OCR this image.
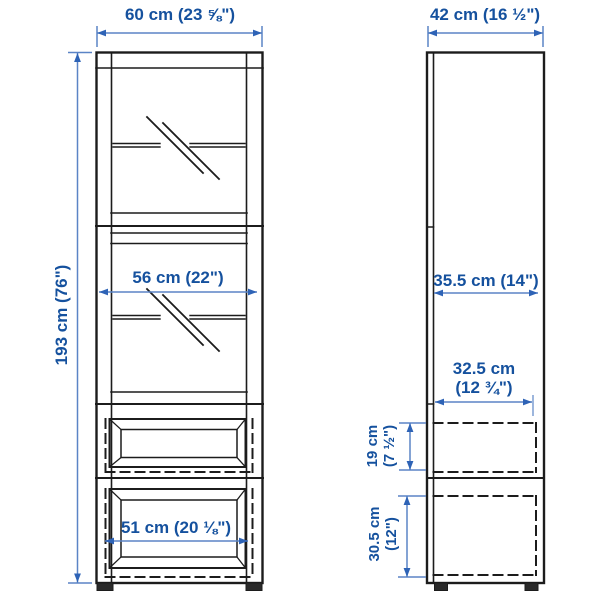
60 cm (23 ⅝")	42 cm (16 ½")
193 cm (76")	56 cm (22")
51 cm (20 ⅛")
35.5 cm (14")
32.5 cm
(12 ¾")
19 cm (7 ½")
30.5 cm (12")
